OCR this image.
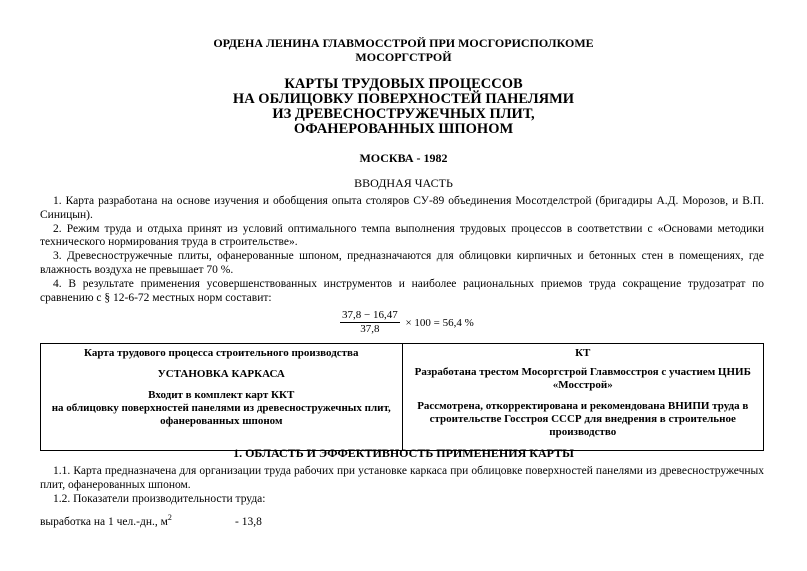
ОРДЕНА ЛЕНИНА ГЛАВМОССТРОЙ ПРИ МОСГОРИСПОЛКОМЕ
МОСОРГСТРОЙ
КАРТЫ ТРУДОВЫХ ПРОЦЕССОВ
НА ОБЛИЦОВКУ ПОВЕРХНОСТЕЙ ПАНЕЛЯМИ
ИЗ ДРЕВЕСНОСТРУЖЕЧНЫХ ПЛИТ,
ОФАНЕРОВАННЫХ ШПОНОМ
МОСКВА - 1982
ВВОДНАЯ ЧАСТЬ

1. Карта разработана на основе изучения и обобщения опыта столяров СУ-89 объединения Мосотделстрой (бригадиры А.Д. Морозов, и В.П. Синицын).

2. Режим труда и отдыха принят из условий оптимального темпа выполнения трудовых процессов в соответствии с «Основами методики технического нормирования труда в строительстве».

3. Древесностружечные плиты, офанерованные шпоном, предназначаются для облицовки кирпичных и бетонных стен в помещениях, где влажность воздуха не превышает 70 %.

4. В результате применения усовершенствованных инструментов и наиболее рациональных приемов труда сокращение трудозатрат по сравнению с § 12-6-72 местных норм составит:

$\frac{37,8 - 16,47}{37,8} \times 100 = 56,4$ %

Карта трудового процесса строительного производства

УСТАНОВКА КАРКАСА

Входит в комплект карт ККТ

на облицовку поверхностей панелями из древесностружечных плит, офанерованных шпоном

КТ

Разработана трестом Мосоргстрой Главмосстроя с участием ЦНИБ «Мосстрой»

Рассмотрена, откорректирована и рекомендована ВНИПИ труда в строительстве Госстроя СССР для внедрения в строительное производство

1. ОБЛАСТЬ И ЭФФЕКТИВНОСТЬ ПРИМЕНЕНИЯ КАРТЫ

1.1. Карта предназначена для организации труда рабочих при установке каркаса при облицовке поверхностей панелями из древесностружечных плит, офанерованных шпоном.

1.2. Показатели производительности труда:

выработка на 1 чел.-дн., $м^2$	- 13,8
